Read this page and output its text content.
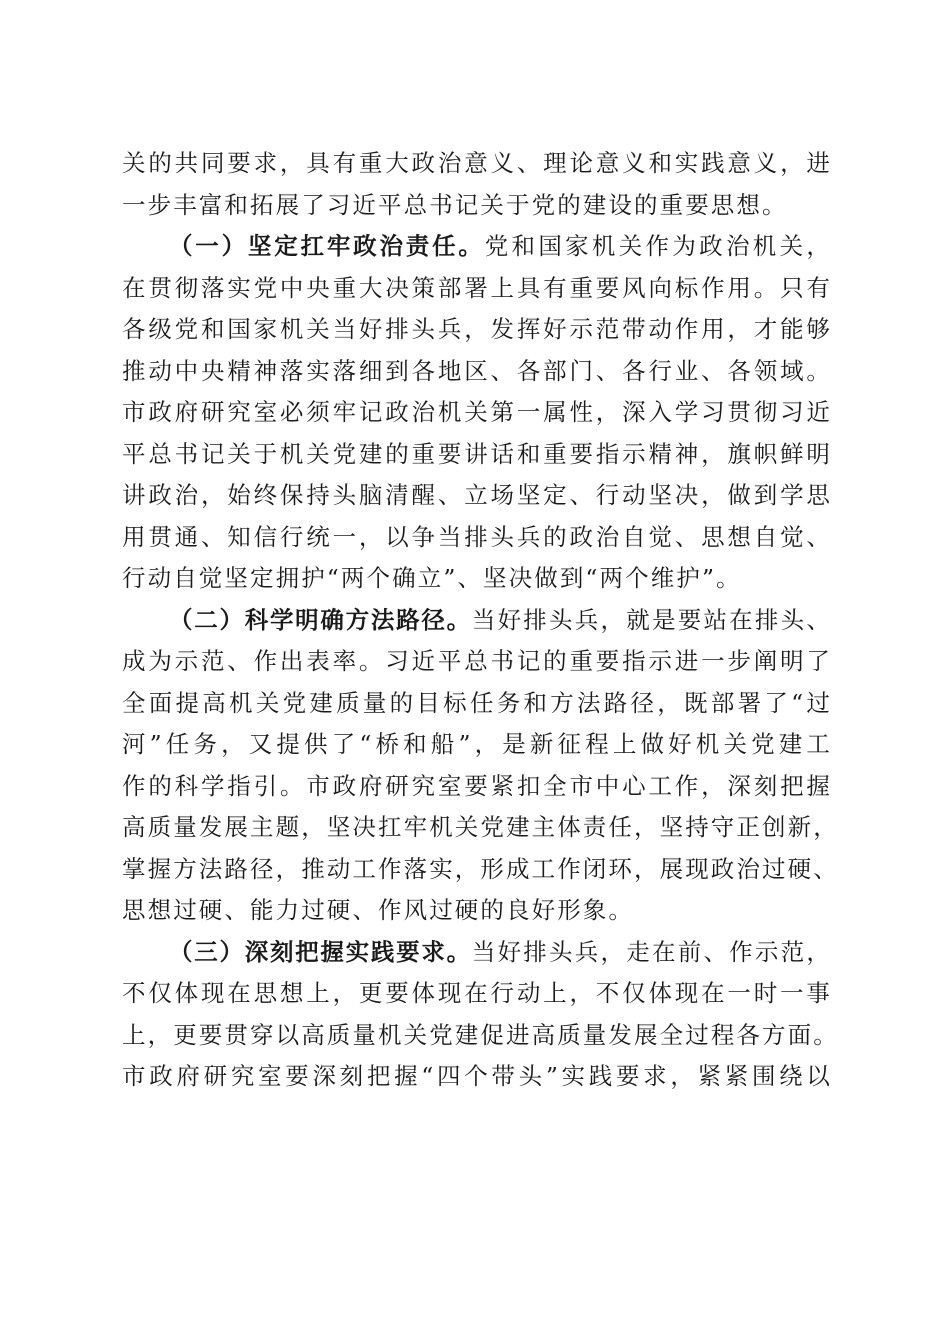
关的共同要求，具有重大政治意义、理论意义和实践意义，进
一步丰富和拓展了习近平总书记关于党的建设的重要思想。
（一）坚定扛牢政治责任。党和国家机关作为政治机关，
在贯彻落实党中央重大决策部署上具有重要风向标作用。只有
各级党和国家机关当好排头兵，发挥好示范带动作用，才能够
推动中央精神落实落细到各地区、各部门、各行业、各领域。
市政府研究室必须牢记政治机关第一属性，深入学习贯彻习近
平总书记关于机关党建的重要讲话和重要指示精神，旗帜鲜明
讲政治，始终保持头脑清醒、立场坚定、行动坚决，做到学思
用贯通、知信行统一，以争当排头兵的政治自觉、思想自觉、
行动自觉坚定拥护“两个确立”、坚决做到“两个维护”。
（二）科学明确方法路径。当好排头兵，就是要站在排头、
成为示范、作出表率。习近平总书记的重要指示进一步阐明了
全面提高机关党建质量的目标任务和方法路径，既部署了“过
河”任务，又提供了“桥和船”，是新征程上做好机关党建工
作的科学指引。市政府研究室要紧扣全市中心工作，深刻把握
高质量发展主题，坚决扛牢机关党建主体责任，坚持守正创新，
掌握方法路径，推动工作落实，形成工作闭环，展现政治过硬、
思想过硬、能力过硬、作风过硬的良好形象。
（三）深刻把握实践要求。当好排头兵，走在前、作示范，
不仅体现在思想上，更要体现在行动上，不仅体现在一时一事
上，更要贯穿以高质量机关党建促进高质量发展全过程各方面。
市政府研究室要深刻把握“四个带头”实践要求，紧紧围绕以
